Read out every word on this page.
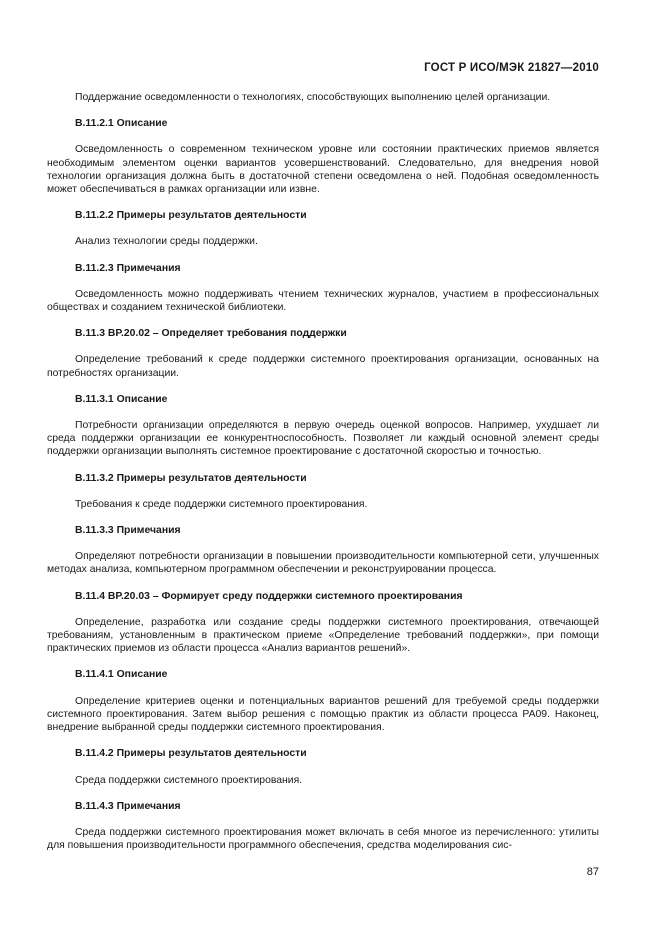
ГОСТ Р ИСО/МЭК 21827—2010
Поддержание осведомленности о технологиях, способствующих выполнению целей организации.
B.11.2.1 Описание
Осведомленность о современном техническом уровне или состоянии практических приемов является необходимым элементом оценки вариантов усовершенствований. Следовательно, для внедрения новой технологии организация должна быть в достаточной степени осведомлена о ней. Подобная осведомленность может обеспечиваться в рамках организации или извне.
B.11.2.2 Примеры результатов деятельности
Анализ технологии среды поддержки.
B.11.2.3 Примечания
Осведомленность можно поддерживать чтением технических журналов, участием в профессиональных обществах и созданием технической библиотеки.
B.11.3 BP.20.02 – Определяет требования поддержки
Определение требований к среде поддержки системного проектирования организации, основанных на потребностях организации.
B.11.3.1 Описание
Потребности организации определяются в первую очередь оценкой вопросов. Например, ухудшает ли среда поддержки организации ее конкурентноспособность. Позволяет ли каждый основной элемент среды поддержки организации выполнять системное проектирование с достаточной скоростью и точностью.
B.11.3.2 Примеры результатов деятельности
Требования к среде поддержки системного проектирования.
B.11.3.3 Примечания
Определяют потребности организации в повышении производительности компьютерной сети, улучшенных методах анализа, компьютерном программном обеспечении и реконструировании процесса.
B.11.4 BP.20.03 – Формирует среду поддержки системного проектирования
Определение, разработка или создание среды поддержки системного проектирования, отвечающей требованиям, установленным в практическом приеме «Определение требований поддержки», при помощи практических приемов из области процесса «Анализ вариантов решений».
B.11.4.1 Описание
Определение критериев оценки и потенциальных вариантов решений для требуемой среды поддержки системного проектирования. Затем выбор решения с помощью практик из области процесса PA09. Наконец, внедрение выбранной среды поддержки системного проектирования.
B.11.4.2 Примеры результатов деятельности
Среда поддержки системного проектирования.
B.11.4.3 Примечания
Среда поддержки системного проектирования может включать в себя многое из перечисленного: утилиты для повышения производительности программного обеспечения, средства моделирования сис-
87
